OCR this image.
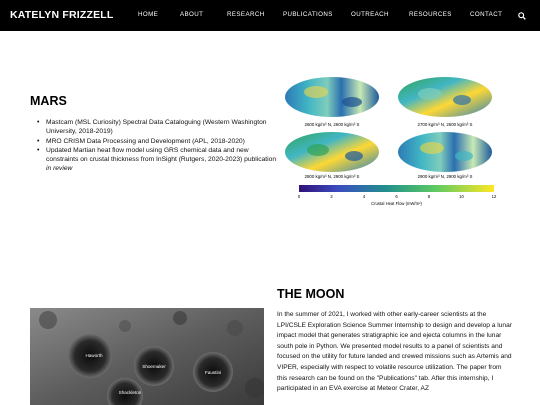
KATELYN FRIZZELL	HOME	ABOUT	RESEARCH	PUBLICATIONS	OUTREACH	RESOURCES	CONTACT
MARS
• Mastcam (MSL Curiosity) Spectral Data Cataloguing (Western Washington University, 2018-2019)
• MRO CRISM Data Processing and Development (APL, 2018-2020)
• Updated Martian heat flow model using GRS chemical data and new constraints on crustal thickness from InSight (Rutgers, 2020-2023) publication in review
2600 kg/m³ N, 2600 kg/m³ S	2700 kg/m³ N, 2600 kg/m³ S
2800 kg/m³ N, 2900 kg/m³ S	2900 kg/m³ N, 2900 kg/m³ S
0	2	4	6	8	10	12
Crustal Heat Flow (mW/m²)
THE MOON
In the summer of 2021, I worked with other early-career scientists at the LPI/CSLE Exploration Science Summer Internship to design and develop a lunar impact model that generates stratigraphic ice and ejecta columns in the lunar south pole in Python. We presented model results to a panel of scientists and focused on the utility for future landed and crewed missions such as Artemis and VIPER, especially with respect to volatile resource utilization. The paper from this research can be found on the "Publications" tab. After this internship, I participated in an EVA exercise at Meteor Crater, AZ
Haworth
Shoemaker
Faustini
Shackleton
